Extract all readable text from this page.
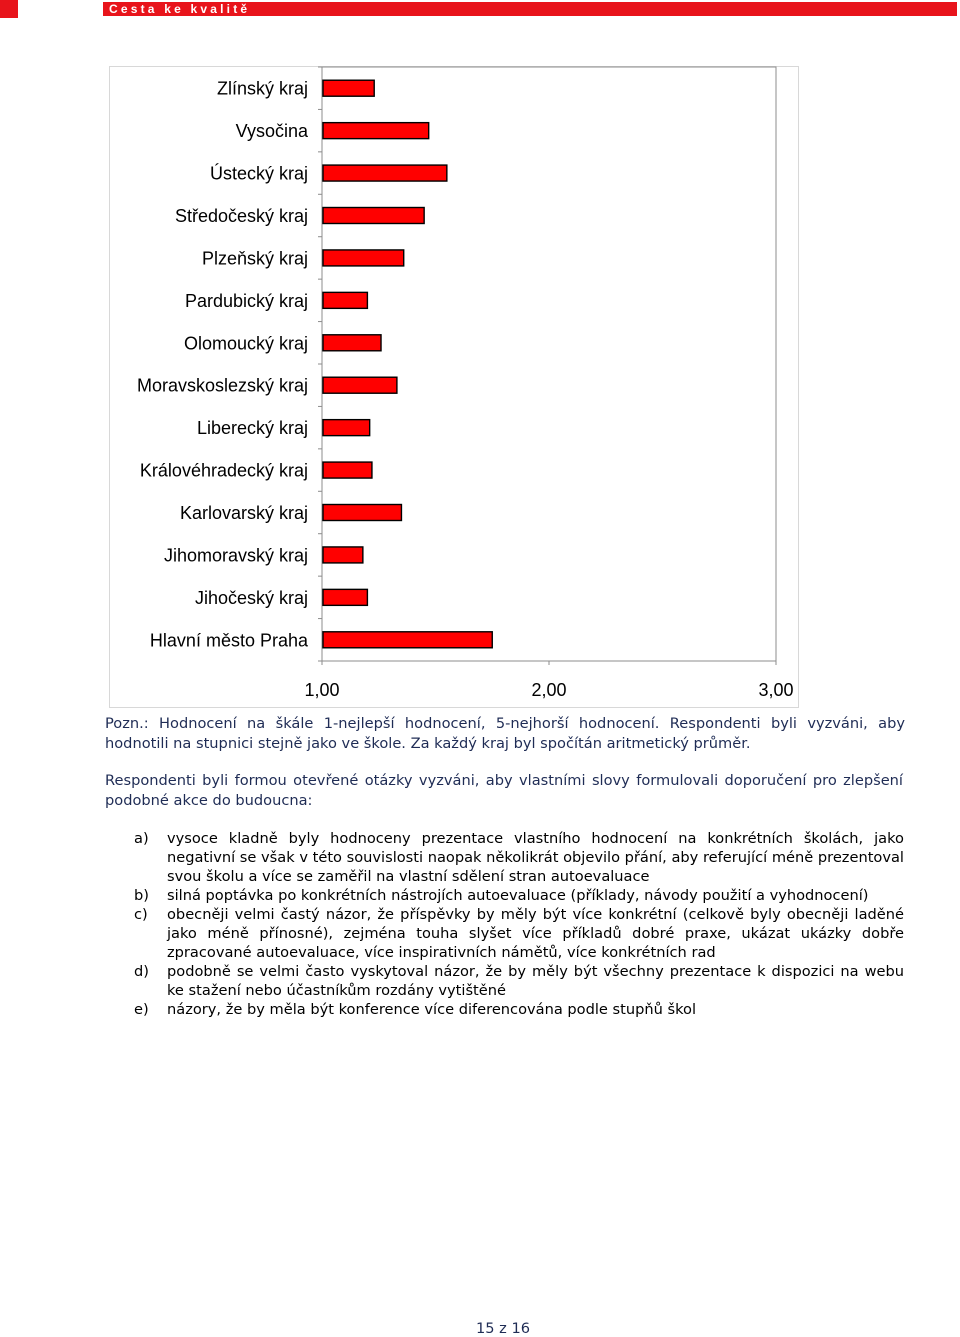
Cesta ke kvalitě
1,00	2,00	3,00
Zlínský kraj
Vysočina
Ústecký kraj
Středočeský kraj
Plzeňský kraj
Pardubický kraj
Olomoucký kraj
Moravskoslezský kraj
Liberecký kraj
Královéhradecký kraj
Karlovarský kraj
Jihomoravský kraj
Jihočeský kraj
Hlavní město Praha
Pozn.: Hodnocení na škále 1-nejlepší hodnocení, 5-nejhorší hodnocení. Respondenti byli vyzváni, aby hodnotili na stupnici stejně jako ve škole. Za každý kraj byl spočítán aritmetický průměr.
Respondenti byli formou otevřené otázky vyzváni, aby vlastními slovy formulovali doporučení pro zlepšení podobné akce do budoucna:
a) vysoce kladně byly hodnoceny prezentace vlastního hodnocení na konkrétních školách, jako negativní se však v této souvislosti naopak několikrát objevilo přání, aby referující méně prezentoval svou školu a více se zaměřil na vlastní sdělení stran autoevaluace
b) silná poptávka po konkrétních nástrojích autoevaluace (příklady, návody použití a vyhodnocení)
c) obecněji velmi častý názor, že příspěvky by měly být více konkrétní (celkově byly obecněji laděné jako méně přínosné), zejména touha slyšet více příkladů dobré praxe, ukázat ukázky dobře zpracované autoevaluace, více inspirativních námětů, více konkrétních rad
d) podobně se velmi často vyskytoval názor, že by měly být všechny prezentace k dispozici na webu ke stažení nebo účastníkům rozdány vytištěné
e) názory, že by měla být konference více diferencována podle stupňů škol
15 z 16
